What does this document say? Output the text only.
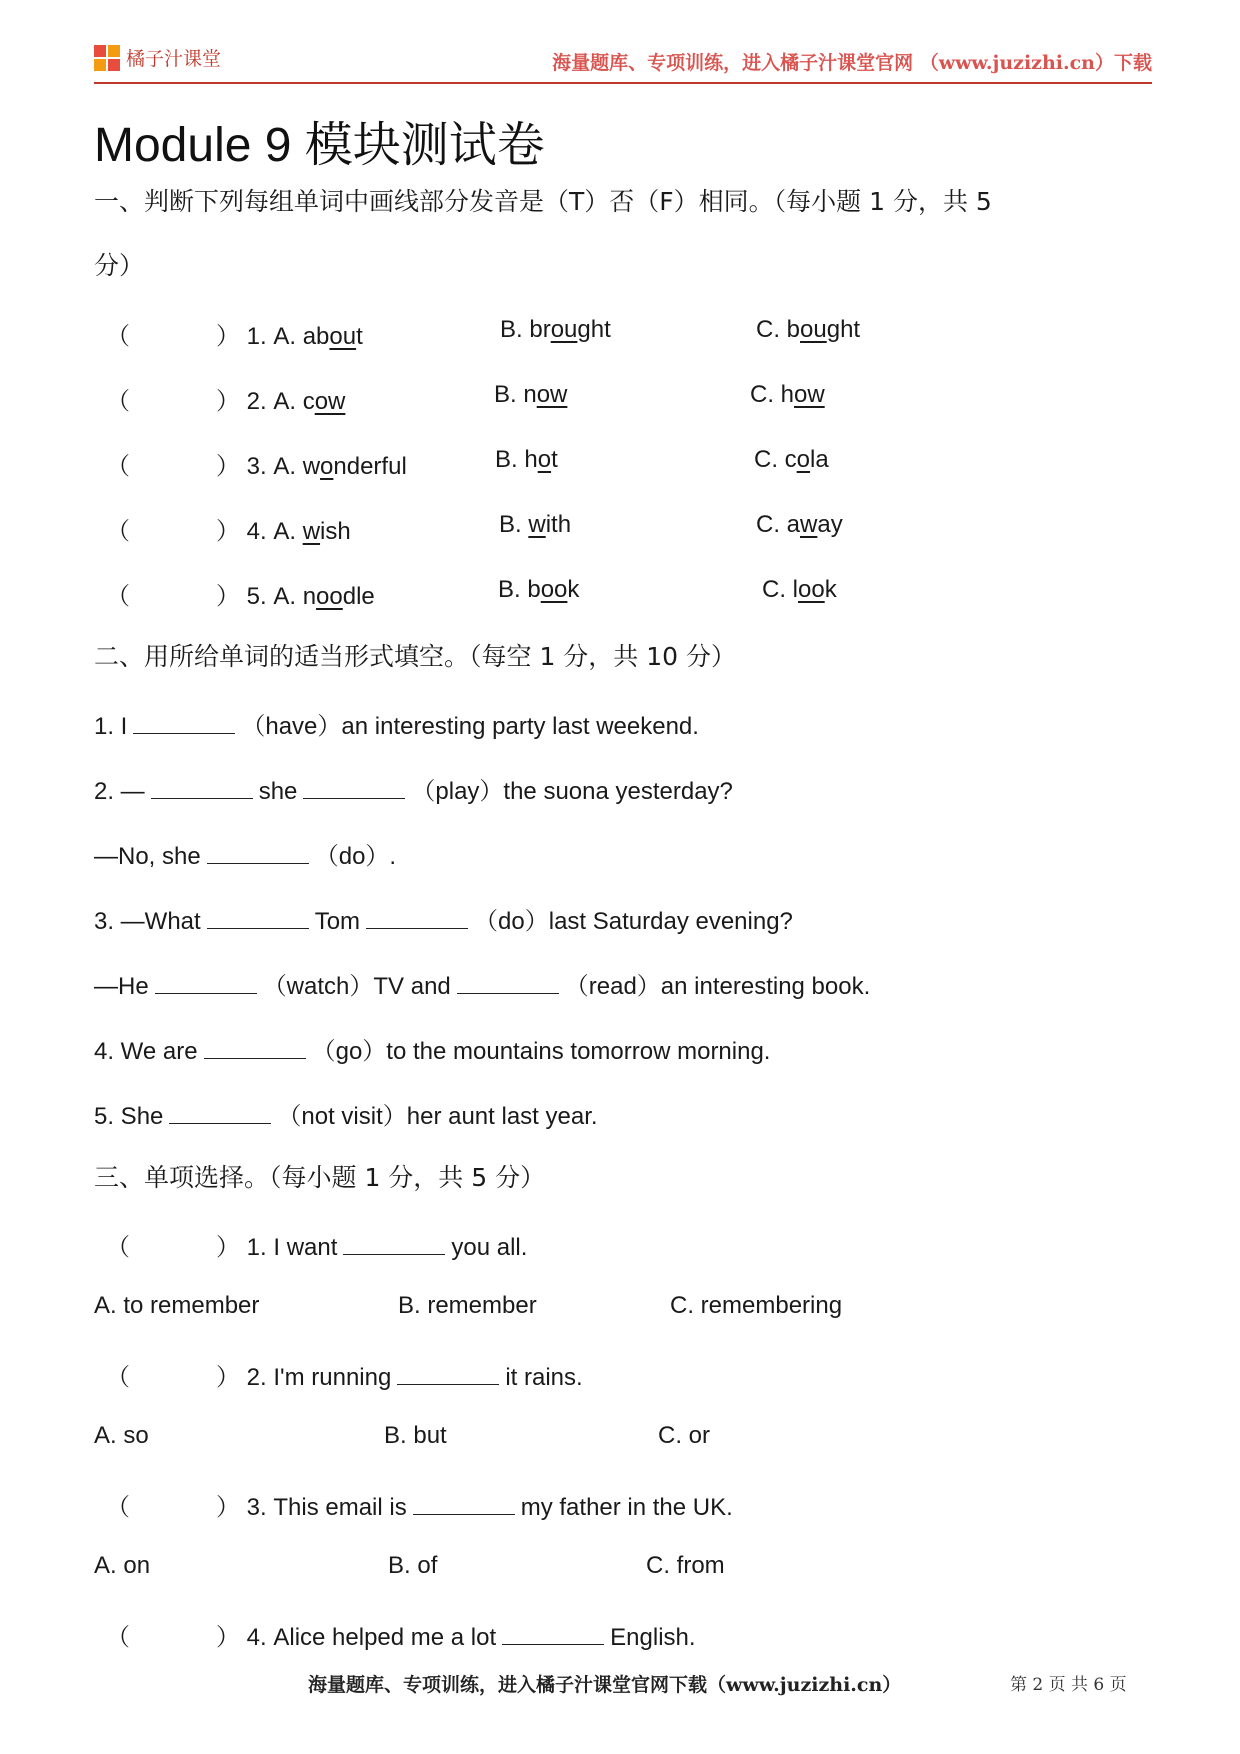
橘子汁课堂	海量题库、专项训练，进入橘子汁课堂官网 （www.juzizhi.cn）下载
Module 9 模块测试卷
一、判断下列每组单词中画线部分发音是（T）否（F）相同。（每小题 1 分，共 5
分）
（	） 1. A. about	B. brought	C. bought
（	） 2. A. cow	B. now	C. how
（	） 3. A. wonderful	B. hot	C. cola
（	） 4. A. wish	B. with	C. away
（	） 5. A. noodle	B. book	C. look
二、用所给单词的适当形式填空。（每空 1 分，共 10 分）
1. I	（have）an interesting party last weekend.
2. —	she	（play）the suona yesterday?
—No, she	（do）.
3. —What	Tom	（do）last Saturday evening?
—He	（watch）TV and	（read）an interesting book.
4. We are	（go）to the mountains tomorrow morning.
5. She	（not visit）her aunt last year.
三、单项选择。（每小题 1 分，共 5 分）
（	） 1. I want	you all.
A. to remember	B. remember	C. remembering
（	） 2. I'm running	it rains.
A. so	B. but	C. or
（	） 3. This email is	my father in the UK.
A. on	B. of	C. from
（	） 4. Alice helped me a lot	English.
海量题库、专项训练，进入橘子汁课堂官网下载（www.juzizhi.cn）	第 2 页 共 6 页
